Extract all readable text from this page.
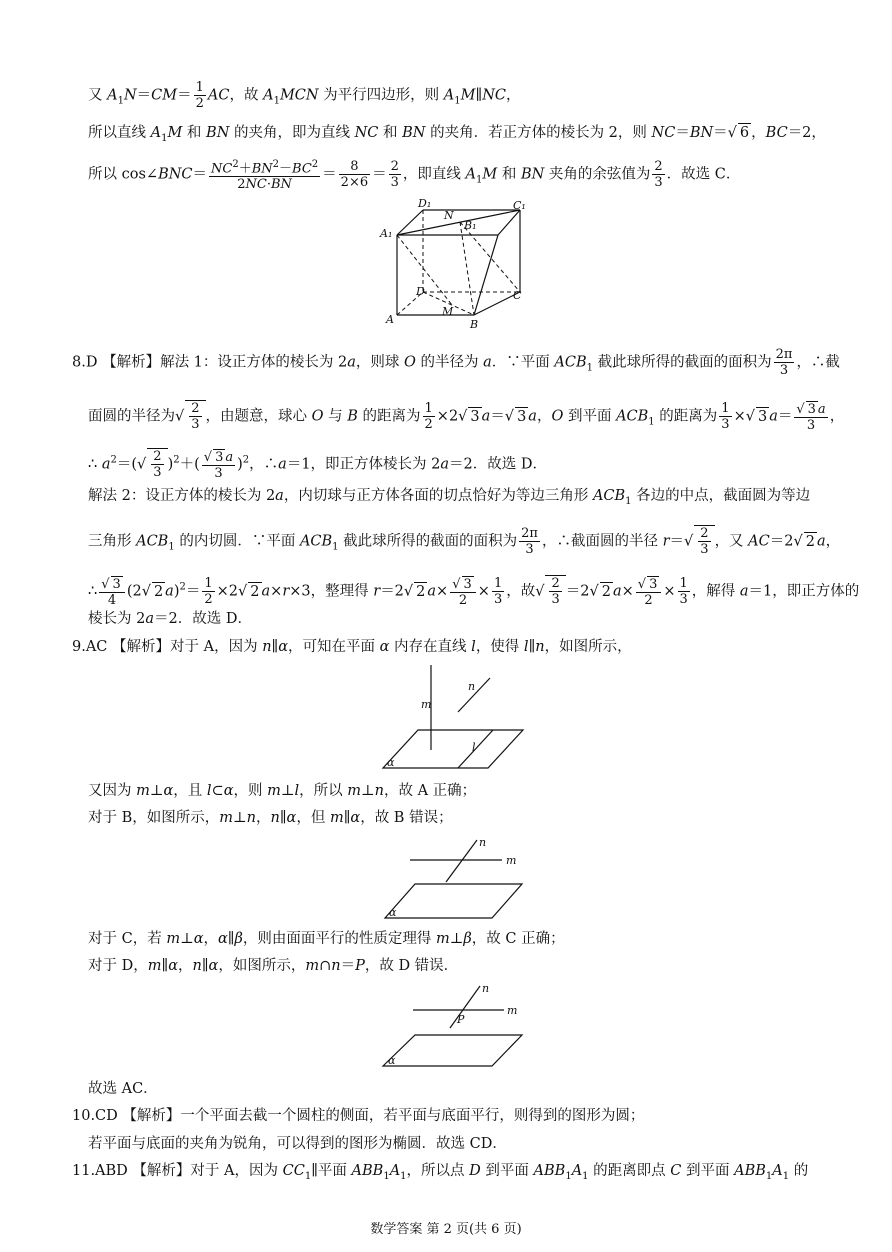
又 $A_1N=CM= \frac{1}{2}$ AC，故 $A_1MCN$ 为平行四边形，则 $A_1M\parallel NC$，
所以直线 $A_1M$ 和 BN 的夹角，即为直线 NC 和 BN 的夹角．若正方体的棱长为 2，则 NC＝BN＝√ 6 ，BC＝2，
所以 cos∠BNC＝ $\frac{NC^2+BN^2-BC^2}{2NC\cdot BN} = \frac{8}{2\times 6} = \frac{2}{3}$ ，即直线 $A_1M$ 和 BN 夹角的余弦值为 $\frac{2}{3}$ ．故选 C．
D₁
N
C₁
A₁
B₁
D	C
M
A	B
8.D 【解析】解法 1：设正方体的棱长为 2a，则球 O 的半径为 a．∵平面 $ACB_1$ 截此球所得的截面的面积为 $\frac{2\pi}{3}$ ，∴截
面圆的半径为√ $\frac{2}{3}$ ，由题意，球心 O 与 B 的距离为 $\frac{1}{2} \times 2√$ 3 a＝√ 3 a，O 到平面 $ACB_1$ 的距离为 $\frac{1}{3}$ ×√ 3 $a= \frac{√ 3 a}{3}$ ，
∴ $a^2=(√ \frac{2}{3} )^2+( \frac{√ 3 a}{3} )^2$，∴a＝1，即正方体棱长为 2a＝2．故选 D．
解法 2：设正方体的棱长为 2a，内切球与正方体各面的切点恰好为等边三角形 $ACB_1$ 各边的中点，截面圆为等边
三角形 $ACB_1$ 的内切圆．∵平面 $ACB_1$ 截此球所得的截面的面积为 $\frac{2\pi}{3}$ ，∴截面圆的半径 $r=√ \frac{2}{3}$ ，又 AC＝2√ 2 a，
∴ $\frac{√ 3}{4} (2√$ 2 $a)^2= \frac{1}{2} \times 2√$ 2 a×r×3，整理得 r＝2√ 2 $a\times \frac{√ 3}{2} \times \frac{1}{3}$ ，故√ $\frac{2}{3} =2√$ 2 $a\times \frac{√ 3}{2} \times \frac{1}{3}$ ，解得 a＝1，即正方体的
棱长为 2a＝2．故选 D．
9.AC 【解析】对于 A，因为 n∥α，可知在平面 α 内存在直线 l，使得 l∥n，如图所示，
m
n
l
α
又因为 m⊥α，且 l⊂α，则 m⊥l，所以 m⊥n，故 A 正确；
对于 B，如图所示，m⊥n，n∥α，但 m∥α，故 B 错误；
n
m
α
对于 C，若 m⊥α，α∥β，则由面面平行的性质定理得 m⊥β，故 C 正确；
对于 D，m∥α，n∥α，如图所示，m∩n＝P，故 D 错误．
n
m
P
α
故选 AC．
10.CD 【解析】一个平面去截一个圆柱的侧面，若平面与底面平行，则得到的图形为圆；
若平面与底面的夹角为锐角，可以得到的图形为椭圆．故选 CD．
11.ABD 【解析】对于 A，因为 $CC_1\parallel$平面 $ABB_1A_1$，所以点 D 到平面 $ABB_1A_1$ 的距离即点 C 到平面 $ABB_1A_1$ 的
数学答案 第 2 页(共 6 页)
